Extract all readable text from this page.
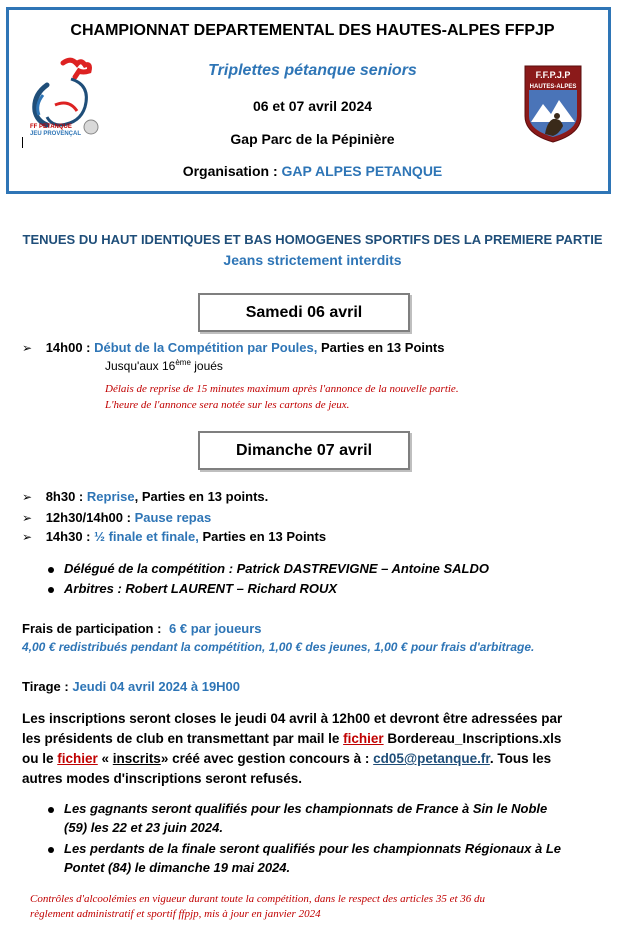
CHAMPIONNAT DEPARTEMENTAL DES HAUTES-ALPES FFPJP
Triplettes pétanque seniors
06 et 07 avril 2024
Gap Parc de la Pépinière
Organisation : GAP ALPES PETANQUE
FF PETANQUE
JEU PROVENÇAL
F.F.P.J.P
HAUTES-ALPES
TENUES DU HAUT IDENTIQUES ET BAS HOMOGENES SPORTIFS DES LA PREMIERE PARTIE
Jeans strictement interdits
Samedi 06 avril
➢ 14h00 : Début de la Compétition par Poules, Parties en 13 Points
Jusqu'aux 16ème joués
Délais de reprise de 15 minutes maximum après l'annonce de la nouvelle partie.
L'heure de l'annonce sera notée sur les cartons de jeux.
Dimanche 07 avril
➢ 8h30 : Reprise, Parties en 13 points.
➢ 12h30/14h00 : Pause repas
➢ 14h30 : ½ finale et finale, Parties en 13 Points
Délégué de la compétition : Patrick DASTREVIGNE – Antoine SALDO
Arbitres : Robert LAURENT – Richard ROUX
Frais de participation : 6 € par joueurs
4,00 € redistribués pendant la compétition, 1,00 € des jeunes, 1,00 € pour frais d'arbitrage.
Tirage : Jeudi 04 avril 2024 à 19H00
Les inscriptions seront closes le jeudi 04 avril à 12h00 et devront être adressées par
les présidents de club en transmettant par mail le fichier Bordereau_Inscriptions.xls
ou le fichier « inscrits» créé avec gestion concours à : cd05@petanque.fr. Tous les
autres modes d'inscriptions seront refusés.
Les gagnants seront qualifiés pour les championnats de France à Sin le Noble
(59) les 22 et 23 juin 2024.
Les perdants de la finale seront qualifiés pour les championnats Régionaux à Le
Pontet (84) le dimanche 19 mai 2024.
Contrôles d'alcoolémies en vigueur durant toute la compétition, dans le respect des articles 35 et 36 du
règlement administratif et sportif ffpjp, mis à jour en janvier 2024
